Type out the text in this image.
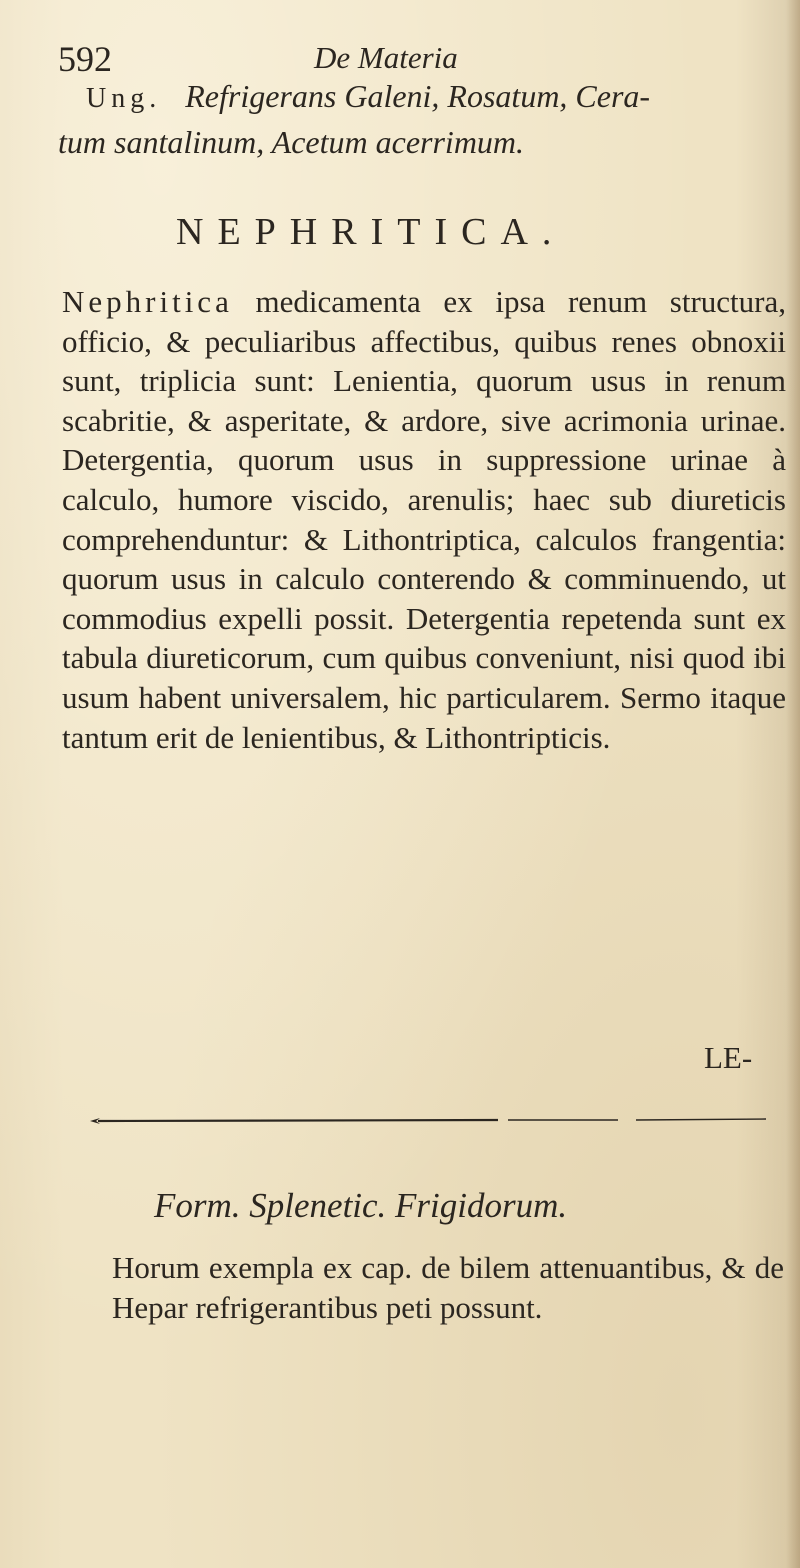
592	De Materia
Ung. Refrigerans Galeni, Rosatum, Cera-
tum santalinum, Acetum acerrimum.
NEPHRITICA.

Nephritica medicamenta ex ipsa renum structura, officio, & peculiaribus affectibus, quibus renes obnoxii sunt, triplicia sunt: Lenientia, quorum usus in renum scabritie, & asperitate, & ardore, sive acrimonia urinae. Detergentia, quorum usus in suppressione urinae à calculo, humore viscido, arenulis; haec sub diureticis comprehenduntur: & Lithontriptica, calculos frangentia: quorum usus in calculo conterendo & comminuendo, ut commodius expelli possit. Detergentia repetenda sunt ex tabula diureticorum, cum quibus conveniunt, nisi quod ibi usum habent universalem, hic particularem. Sermo itaque tantum erit de lenientibus, & Lithontripticis.

LE-
Form. Splenetic. Frigidorum.

Horum exempla ex cap. de bilem attenuantibus, & de Hepar refrigerantibus peti possunt.
